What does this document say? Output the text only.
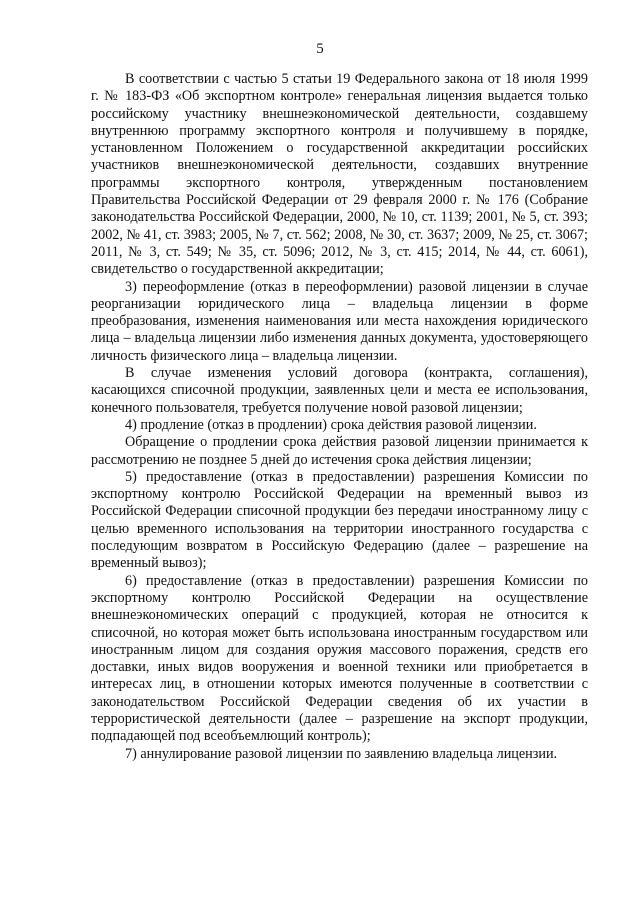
5

В соответствии с частью 5 статьи 19 Федерального закона от 18 июля 1999 г. № 183-ФЗ «Об экспортном контроле» генеральная лицензия выдается только российскому участнику внешнеэкономической деятельности, создавшему внутреннюю программу экспортного контроля и получившему в порядке, установленном Положением о государственной аккредитации российских участников внешнеэкономической деятельности, создавших внутренние программы экспортного контроля, утвержденным постановлением Правительства Российской Федерации от 29 февраля 2000 г. № 176 (Собрание законодательства Российской Федерации, 2000, № 10, ст. 1139; 2001, № 5, ст. 393; 2002, № 41, ст. 3983; 2005, № 7, ст. 562; 2008, № 30, ст. 3637; 2009, № 25, ст. 3067; 2011, № 3, ст. 549; № 35, ст. 5096; 2012, № 3, ст. 415; 2014, № 44, ст. 6061), свидетельство о государственной аккредитации;

3) переоформление (отказ в переоформлении) разовой лицензии в случае реорганизации юридического лица – владельца лицензии в форме преобразования, изменения наименования или места нахождения юридического лица – владельца лицензии либо изменения данных документа, удостоверяющего личность физического лица – владельца лицензии.

В случае изменения условий договора (контракта, соглашения), касающихся списочной продукции, заявленных цели и места ее использования, конечного пользователя, требуется получение новой разовой лицензии;

4) продление (отказ в продлении) срока действия разовой лицензии.

Обращение о продлении срока действия разовой лицензии принимается к рассмотрению не позднее 5 дней до истечения срока действия лицензии;

5) предоставление (отказ в предоставлении) разрешения Комиссии по экспортному контролю Российской Федерации на временный вывоз из Российской Федерации списочной продукции без передачи иностранному лицу с целью временного использования на территории иностранного государства с последующим возвратом в Российскую Федерацию (далее – разрешение на временный вывоз);

6) предоставление (отказ в предоставлении) разрешения Комиссии по экспортному контролю Российской Федерации на осуществление внешнеэкономических операций с продукцией, которая не относится к списочной, но которая может быть использована иностранным государством или иностранным лицом для создания оружия массового поражения, средств его доставки, иных видов вооружения и военной техники или приобретается в интересах лиц, в отношении которых имеются полученные в соответствии с законодательством Российской Федерации сведения об их участии в террористической деятельности (далее – разрешение на экспорт продукции, подпадающей под всеобъемлющий контроль);

7) аннулирование разовой лицензии по заявлению владельца лицензии.
